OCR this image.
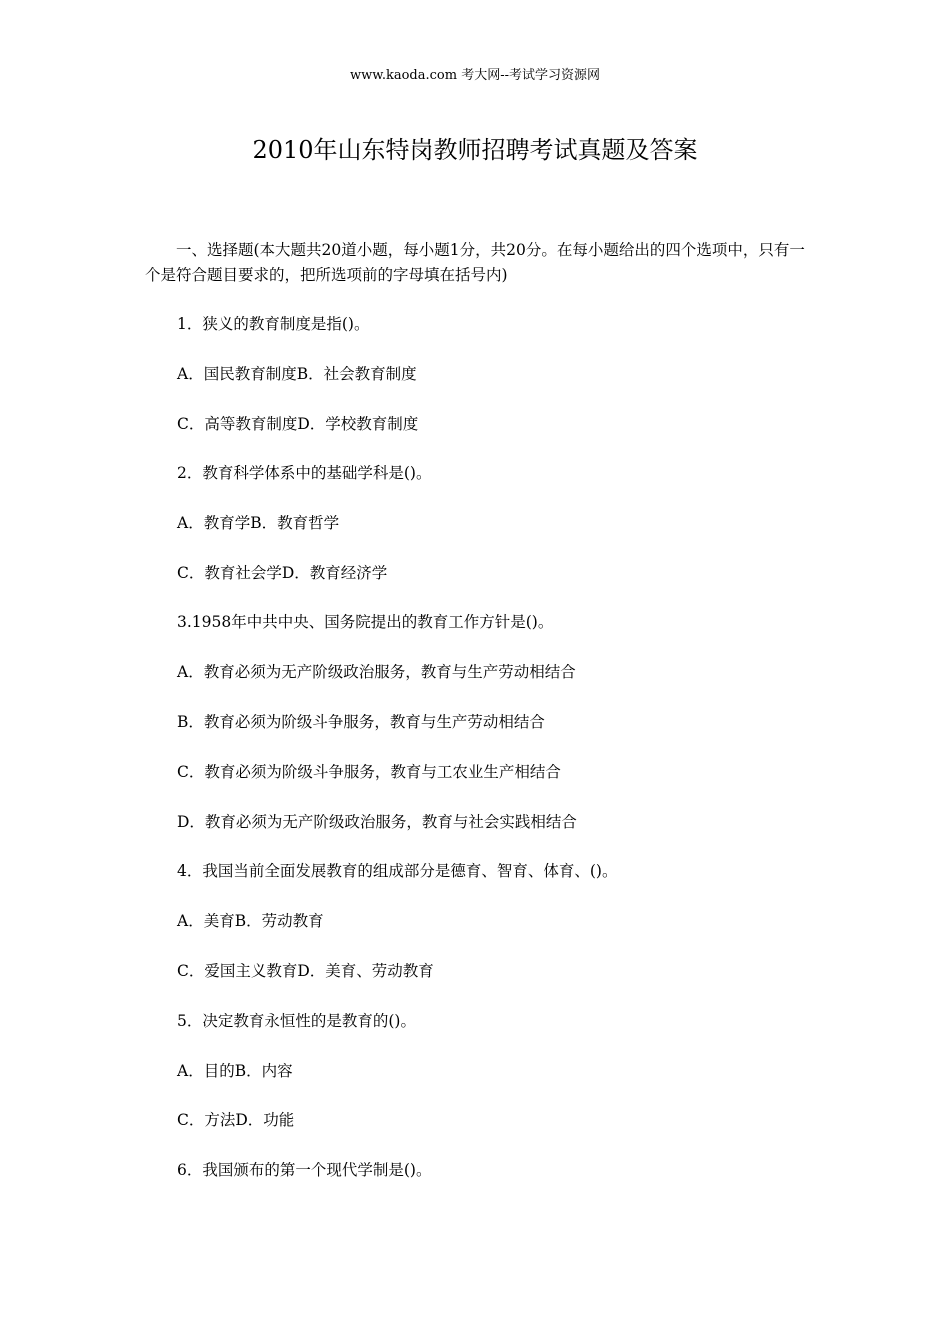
www.kaoda.com 考大网--考试学习资源网
2010年山东特岗教师招聘考试真题及答案

一、选择题(本大题共20道小题，每小题1分，共20分。在每小题给出的四个选项中，只有一个是符合题目要求的，把所选项前的字母填在括号内)

1．狭义的教育制度是指()。

A．国民教育制度B．社会教育制度

C．高等教育制度D．学校教育制度

2．教育科学体系中的基础学科是()。

A．教育学B．教育哲学

C．教育社会学D．教育经济学

3.1958年中共中央、国务院提出的教育工作方针是()。

A．教育必须为无产阶级政治服务，教育与生产劳动相结合

B．教育必须为阶级斗争服务，教育与生产劳动相结合

C．教育必须为阶级斗争服务，教育与工农业生产相结合

D．教育必须为无产阶级政治服务，教育与社会实践相结合

4．我国当前全面发展教育的组成部分是德育、智育、体育、()。

A．美育B．劳动教育

C．爱国主义教育D．美育、劳动教育

5．决定教育永恒性的是教育的()。

A．目的B．内容

C．方法D．功能

6．我国颁布的第一个现代学制是()。
